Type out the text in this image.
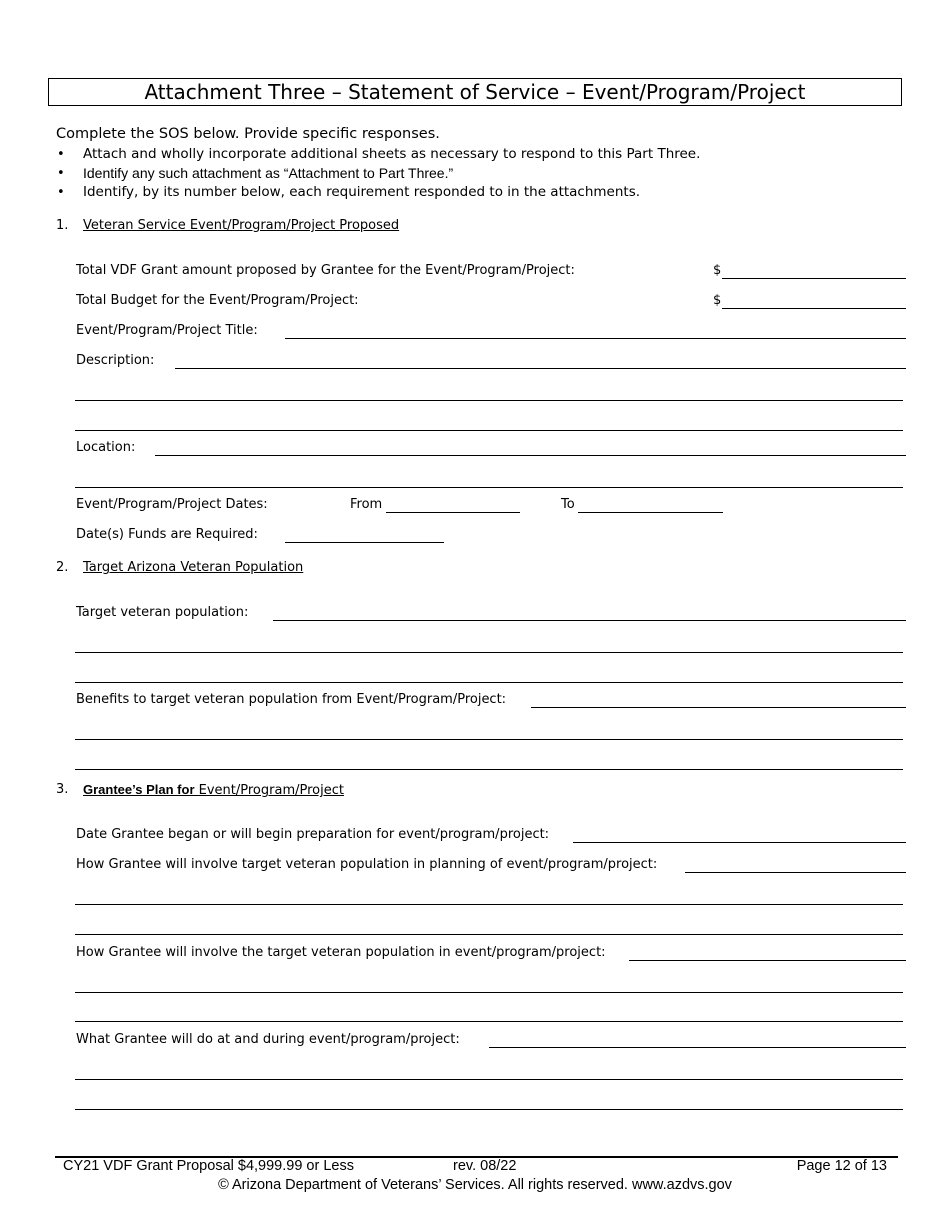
Attachment Three – Statement of Service – Event/Program/Project
Complete the SOS below. Provide specific responses.
• Attach and wholly incorporate additional sheets as necessary to respond to this Part Three.
• Identify any such attachment as “Attachment to Part Three.”
• Identify, by its number below, each requirement responded to in the attachments.
1. Veteran Service Event/Program/Project Proposed
Total VDF Grant amount proposed by Grantee for the Event/Program/Project:	$
Total Budget for the Event/Program/Project:	$
Event/Program/Project Title:
Description:
Location:
Event/Program/Project Dates:	From	To
Date(s) Funds are Required:
2. Target Arizona Veteran Population
Target veteran population:
Benefits to target veteran population from Event/Program/Project:
3. Grantee’s Plan for Event/Program/Project
Date Grantee began or will begin preparation for event/program/project:
How Grantee will involve target veteran population in planning of event/program/project:
How Grantee will involve the target veteran population in event/program/project:
What Grantee will do at and during event/program/project:
CY21 VDF Grant Proposal $4,999.99 or Less	rev. 08/22	Page 12 of 13
© Arizona Department of Veterans’ Services. All rights reserved. www.azdvs.gov
